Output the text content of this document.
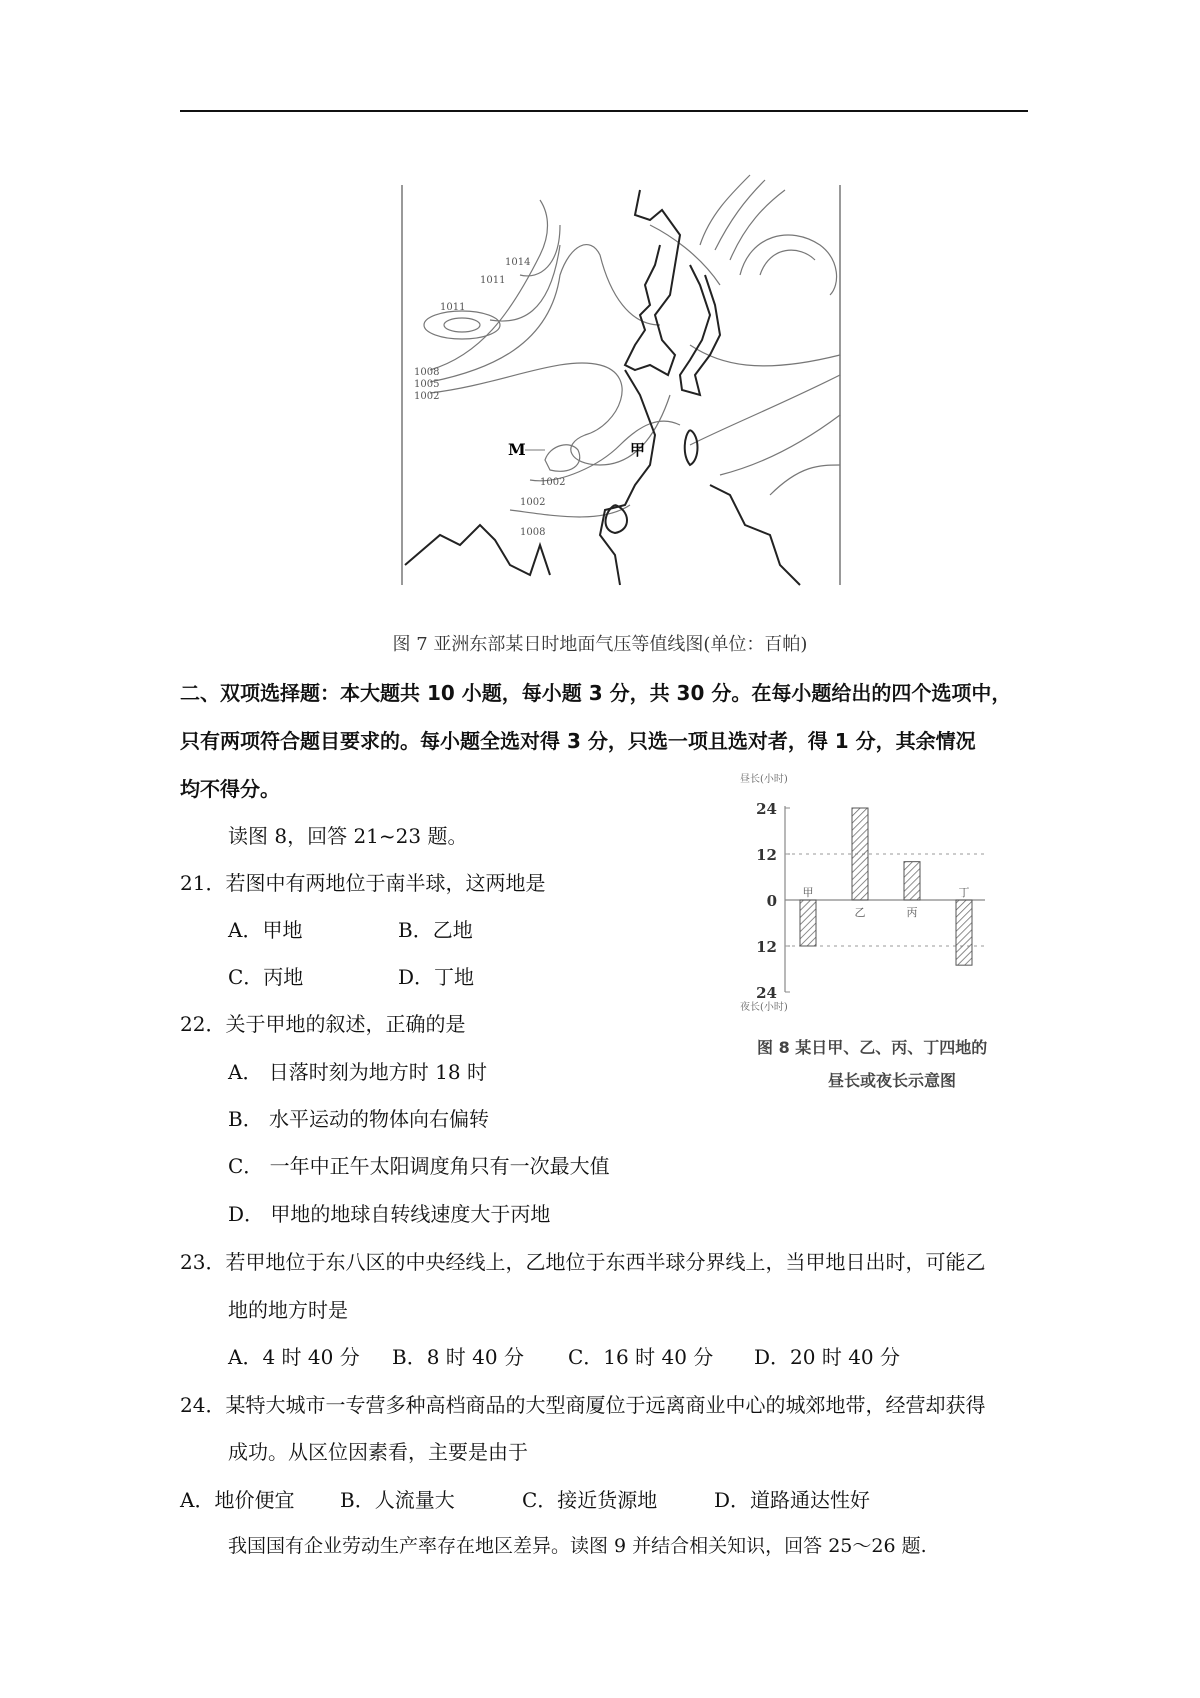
1008
1005
1002
1011
1014
1011
1002
1002
1008
M	甲
图 7 亚洲东部某日时地面气压等值线图(单位：百帕)
二、双项选择题：本大题共 10 小题，每小题 3 分，共 30 分。在每小题给出的四个选项中，
只有两项符合题目要求的。每小题全选对得 3 分，只选一项且选对者，得 1 分，其余情况
均不得分。
读图 8，回答 21~23 题。
21．若图中有两地位于南半球，这两地是
A．甲地	B．乙地
C．丙地	D．丁地
22．关于甲地的叙述，正确的是
A． 日落时刻为地方时 18 时
B． 水平运动的物体向右偏转
C． 一年中正午太阳调度角只有一次最大值
D． 甲地的地球自转线速度大于丙地
23．若甲地位于东八区的中央经线上，乙地位于东西半球分界线上，当甲地日出时，可能乙
地的地方时是
A．4 时 40 分 B．8 时 40 分 C．16 时 40 分 D．20 时 40 分
24．某特大城市一专营多种高档商品的大型商厦位于远离商业中心的城郊地带，经营却获得
成功。从区位因素看，主要是由于
A．地价便宜 B．人流量大	C．接近货源地	D．道路通达性好
我国国有企业劳动生产率存在地区差异。读图 9 并结合相关知识，回答 25～26 题.
昼长(小时)
夜长(小时)
24
12
0
12
24
甲
乙	丙
丁
图 8 某日甲、乙、丙、丁四地的
昼长或夜长示意图
